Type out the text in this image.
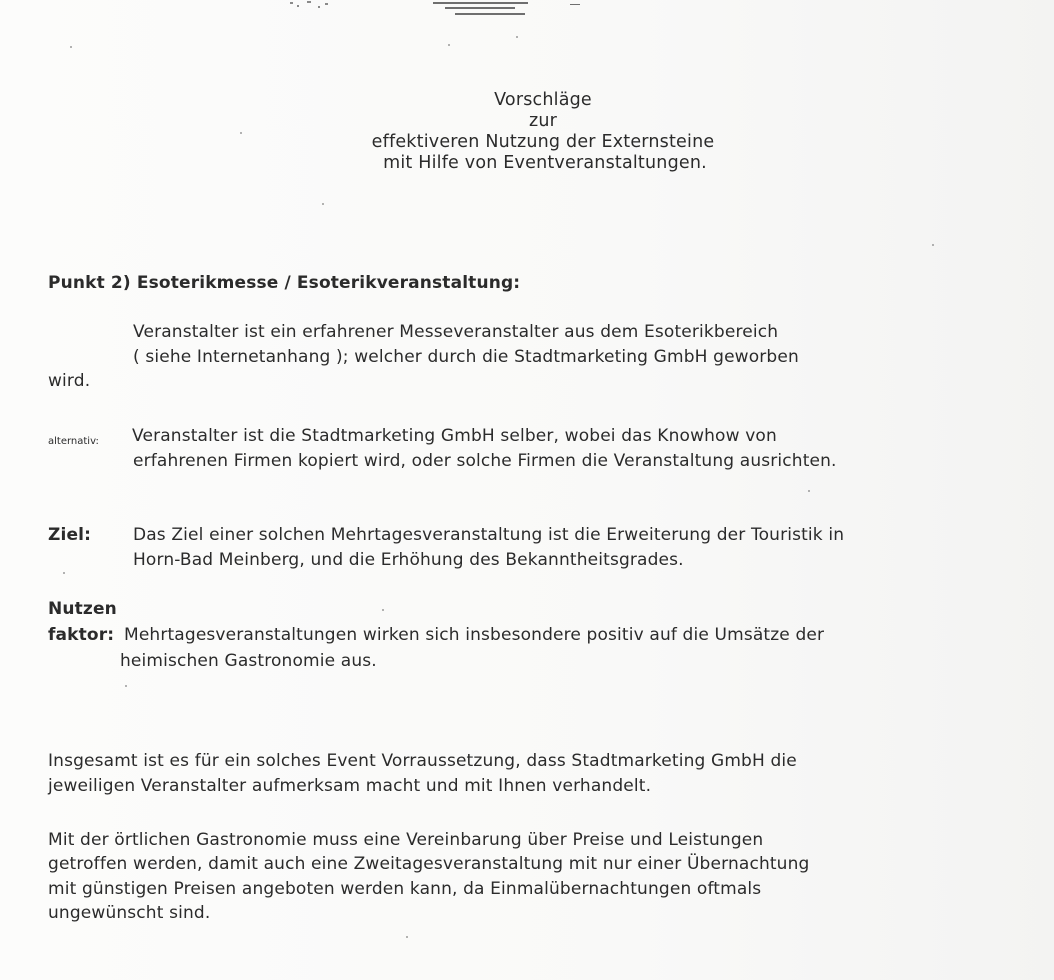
Vorschläge
zur
effektiveren Nutzung der Externsteine
mit Hilfe von Eventveranstaltungen.
Punkt 2) Esoterikmesse / Esoterikveranstaltung:
Veranstalter ist ein erfahrener Messeveranstalter aus dem Esoterikbereich
( siehe Internetanhang ); welcher durch die Stadtmarketing GmbH geworben
wird.
alternativ: Veranstalter ist die Stadtmarketing GmbH selber, wobei das Knowhow von
erfahrenen Firmen kopiert wird, oder solche Firmen die Veranstaltung ausrichten.
Ziel: Das Ziel einer solchen Mehrtagesveranstaltung ist die Erweiterung der Touristik in
Horn-Bad Meinberg, und die Erhöhung des Bekanntheitsgrades.
Nutzen
faktor: Mehrtagesveranstaltungen wirken sich insbesondere positiv auf die Umsätze der
heimischen Gastronomie aus.
Insgesamt ist es für ein solches Event Vorraussetzung, dass Stadtmarketing GmbH die
jeweiligen Veranstalter aufmerksam macht und mit Ihnen verhandelt.
Mit der örtlichen Gastronomie muss eine Vereinbarung über Preise und Leistungen
getroffen werden, damit auch eine Zweitagesveranstaltung mit nur einer Übernachtung
mit günstigen Preisen angeboten werden kann, da Einmalübernachtungen oftmals
ungewünscht sind.
